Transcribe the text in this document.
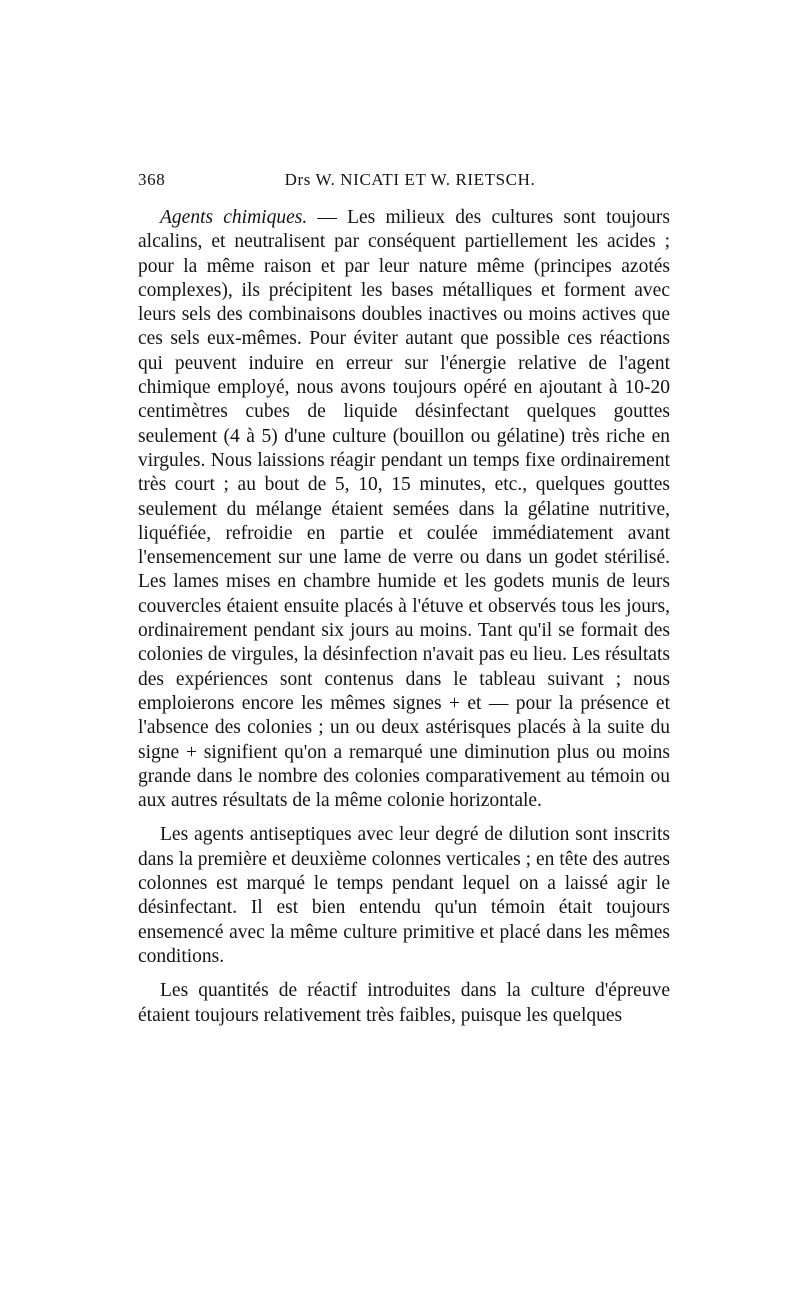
368	Drs W. NICATI ET W. RIETSCH.

Agents chimiques. — Les milieux des cultures sont toujours alcalins, et neutralisent par conséquent partiellement les acides ; pour la même raison et par leur nature même (principes azotés complexes), ils précipitent les bases métalliques et forment avec leurs sels des combinaisons doubles inactives ou moins actives que ces sels eux-mêmes. Pour éviter autant que possible ces réactions qui peuvent induire en erreur sur l'énergie relative de l'agent chimique employé, nous avons toujours opéré en ajoutant à 10-20 centimètres cubes de liquide désinfectant quelques gouttes seulement (4 à 5) d'une culture (bouillon ou gélatine) très riche en virgules. Nous laissions réagir pendant un temps fixe ordinairement très court ; au bout de 5, 10, 15 minutes, etc., quelques gouttes seulement du mélange étaient semées dans la gélatine nutritive, liquéfiée, refroidie en partie et coulée immédiatement avant l'ensemencement sur une lame de verre ou dans un godet stérilisé. Les lames mises en chambre humide et les godets munis de leurs couvercles étaient ensuite placés à l'étuve et observés tous les jours, ordinairement pendant six jours au moins. Tant qu'il se formait des colonies de virgules, la désinfection n'avait pas eu lieu. Les résultats des expériences sont contenus dans le tableau suivant ; nous emploierons encore les mêmes signes + et — pour la présence et l'absence des colonies ; un ou deux astérisques placés à la suite du signe + signifient qu'on a remarqué une diminution plus ou moins grande dans le nombre des colonies comparativement au témoin ou aux autres résultats de la même colonie horizontale.

Les agents antiseptiques avec leur degré de dilution sont inscrits dans la première et deuxième colonnes verticales ; en tête des autres colonnes est marqué le temps pendant lequel on a laissé agir le désinfectant. Il est bien entendu qu'un témoin était toujours ensemencé avec la même culture primitive et placé dans les mêmes conditions.

Les quantités de réactif introduites dans la culture d'épreuve étaient toujours relativement très faibles, puisque les quelques
